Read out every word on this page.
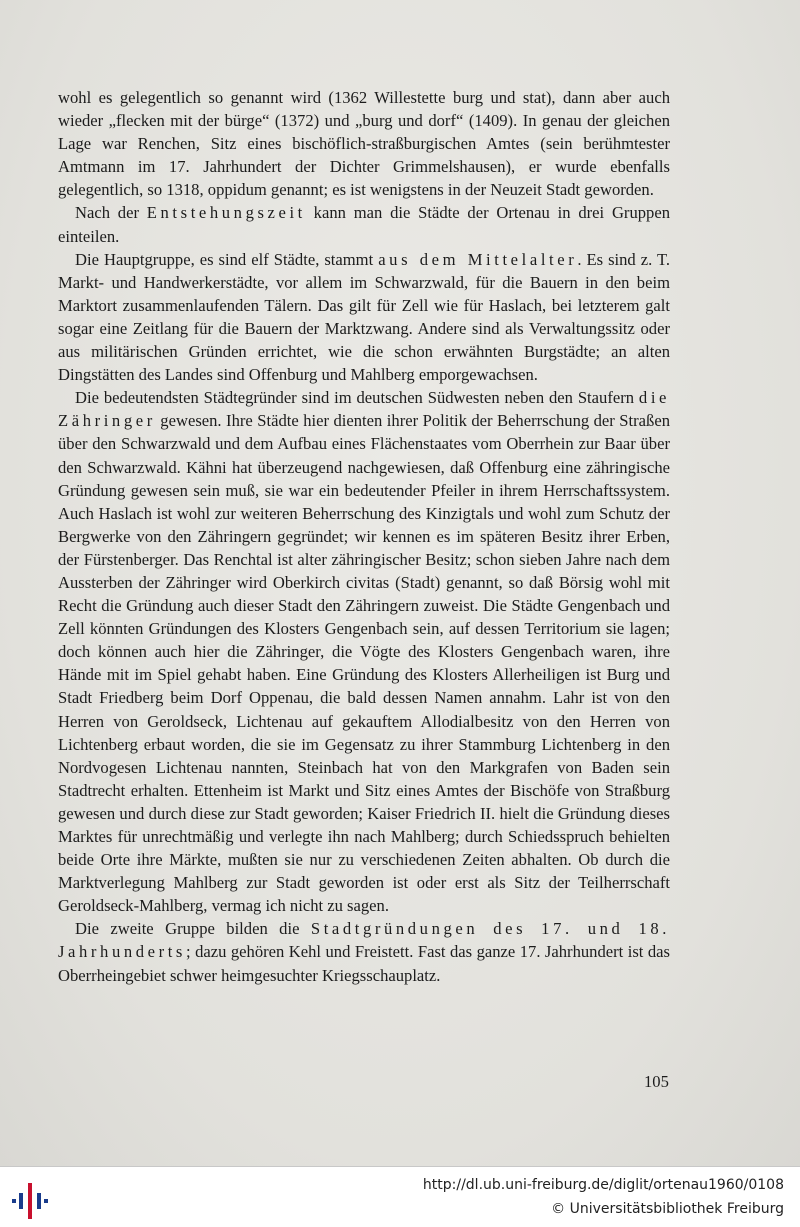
wohl es gelegentlich so genannt wird (1362 Willestette burg und stat), dann aber auch wieder „flecken mit der bürge“ (1372) und „burg und dorf“ (1409). In genau der gleichen Lage war Renchen, Sitz eines bischöflich-straßburgischen Amtes (sein berühmtester Amtmann im 17. Jahrhundert der Dichter Grimmelshausen), er wurde ebenfalls gelegentlich, so 1318, oppidum genannt; es ist wenigstens in der Neuzeit Stadt geworden.

Nach der Entstehungszeit kann man die Städte der Ortenau in drei Gruppen einteilen.

Die Hauptgruppe, es sind elf Städte, stammt aus dem Mittelalter. Es sind z. T. Markt- und Handwerkerstädte, vor allem im Schwarzwald, für die Bauern in den beim Marktort zusammenlaufenden Tälern. Das gilt für Zell wie für Haslach, bei letzterem galt sogar eine Zeitlang für die Bauern der Marktzwang. Andere sind als Verwaltungssitz oder aus militärischen Gründen errichtet, wie die schon erwähnten Burgstädte; an alten Dingstätten des Landes sind Offenburg und Mahlberg emporgewachsen.

Die bedeutendsten Städtegründer sind im deutschen Südwesten neben den Staufern die Zähringer gewesen. Ihre Städte hier dienten ihrer Politik der Beherrschung der Straßen über den Schwarzwald und dem Aufbau eines Flächenstaates vom Oberrhein zur Baar über den Schwarzwald. Kähni hat überzeugend nachgewiesen, daß Offenburg eine zähringische Gründung gewesen sein muß, sie war ein bedeutender Pfeiler in ihrem Herrschaftssystem. Auch Haslach ist wohl zur weiteren Beherrschung des Kinzigtals und wohl zum Schutz der Bergwerke von den Zähringern gegründet; wir kennen es im späteren Besitz ihrer Erben, der Fürstenberger. Das Renchtal ist alter zähringischer Besitz; schon sieben Jahre nach dem Aussterben der Zähringer wird Oberkirch civitas (Stadt) genannt, so daß Börsig wohl mit Recht die Gründung auch dieser Stadt den Zähringern zuweist. Die Städte Gengenbach und Zell könnten Gründungen des Klosters Gengenbach sein, auf dessen Territorium sie lagen; doch können auch hier die Zähringer, die Vögte des Klosters Gengenbach waren, ihre Hände mit im Spiel gehabt haben. Eine Gründung des Klosters Allerheiligen ist Burg und Stadt Friedberg beim Dorf Oppenau, die bald dessen Namen annahm. Lahr ist von den Herren von Geroldseck, Lichtenau auf gekauftem Allodialbesitz von den Herren von Lichtenberg erbaut worden, die sie im Gegensatz zu ihrer Stammburg Lichtenberg in den Nordvogesen Lichtenau nannten, Steinbach hat von den Markgrafen von Baden sein Stadtrecht erhalten. Ettenheim ist Markt und Sitz eines Amtes der Bischöfe von Straßburg gewesen und durch diese zur Stadt geworden; Kaiser Friedrich II. hielt die Gründung dieses Marktes für unrechtmäßig und verlegte ihn nach Mahlberg; durch Schiedsspruch behielten beide Orte ihre Märkte, mußten sie nur zu verschiedenen Zeiten abhalten. Ob durch die Marktverlegung Mahlberg zur Stadt geworden ist oder erst als Sitz der Teilherrschaft Geroldseck-Mahlberg, vermag ich nicht zu sagen.

Die zweite Gruppe bilden die Stadtgründungen des 17. und 18. Jahrhunderts; dazu gehören Kehl und Freistett. Fast das ganze 17. Jahrhundert ist das Oberrheingebiet schwer heimgesuchter Kriegsschauplatz.

105
http://dl.ub.uni-freiburg.de/diglit/ortenau1960/0108
© Universitätsbibliothek Freiburg
